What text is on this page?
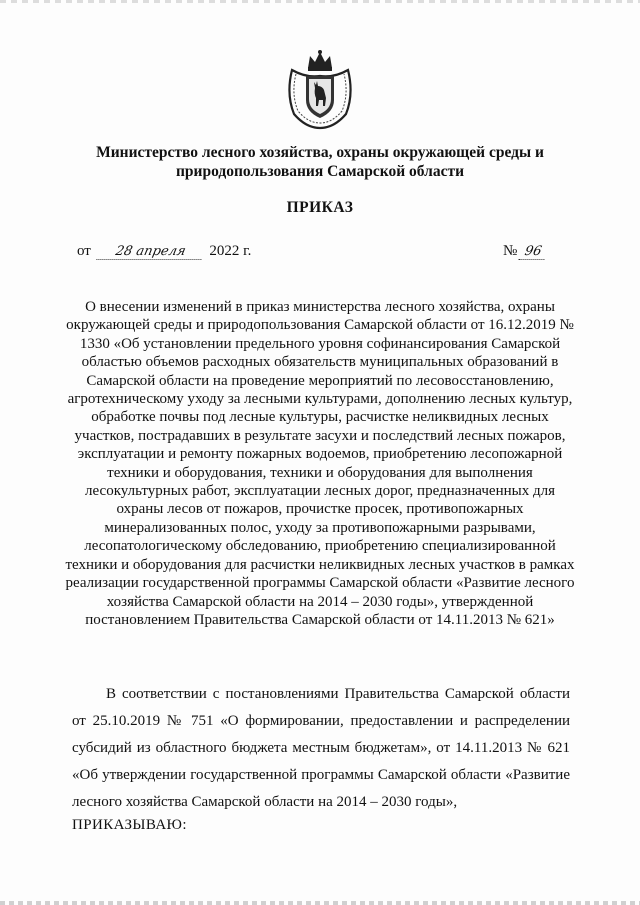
Министерство лесного хозяйства, охраны окружающей среды и природопользования Самарской области
ПРИКАЗ
от 28 апреля 2022 г.	№ 96

О внесении изменений в приказ министерства лесного хозяйства, охраны окружающей среды и природопользования Самарской области от 16.12.2019 № 1330 «Об установлении предельного уровня софинансирования Самарской областью объемов расходных обязательств муниципальных образований в Самарской области на проведение мероприятий по лесовосстановлению, агротехническому уходу за лесными культурами, дополнению лесных культур, обработке почвы под лесные культуры, расчистке неликвидных лесных участков, пострадавших в результате засухи и последствий лесных пожаров, эксплуатации и ремонту пожарных водоемов, приобретению лесопожарной техники и оборудования, техники и оборудования для выполнения лесокультурных работ, эксплуатации лесных дорог, предназначенных для охраны лесов от пожаров, прочистке просек, противопожарных минерализованных полос, уходу за противопожарными разрывами, лесопатологическому обследованию, приобретению специализированной техники и оборудования для расчистки неликвидных лесных участков в рамках реализации государственной программы Самарской области «Развитие лесного хозяйства Самарской области на 2014 – 2030 годы», утвержденной постановлением Правительства Самарской области от 14.11.2013 № 621»

В соответствии с постановлениями Правительства Самарской области от 25.10.2019 № 751 «О формировании, предоставлении и распределении субсидий из областного бюджета местным бюджетам», от 14.11.2013 № 621 «Об утверждении государственной программы Самарской области «Развитие лесного хозяйства Самарской области на 2014 – 2030 годы»,

ПРИКАЗЫВАЮ:
